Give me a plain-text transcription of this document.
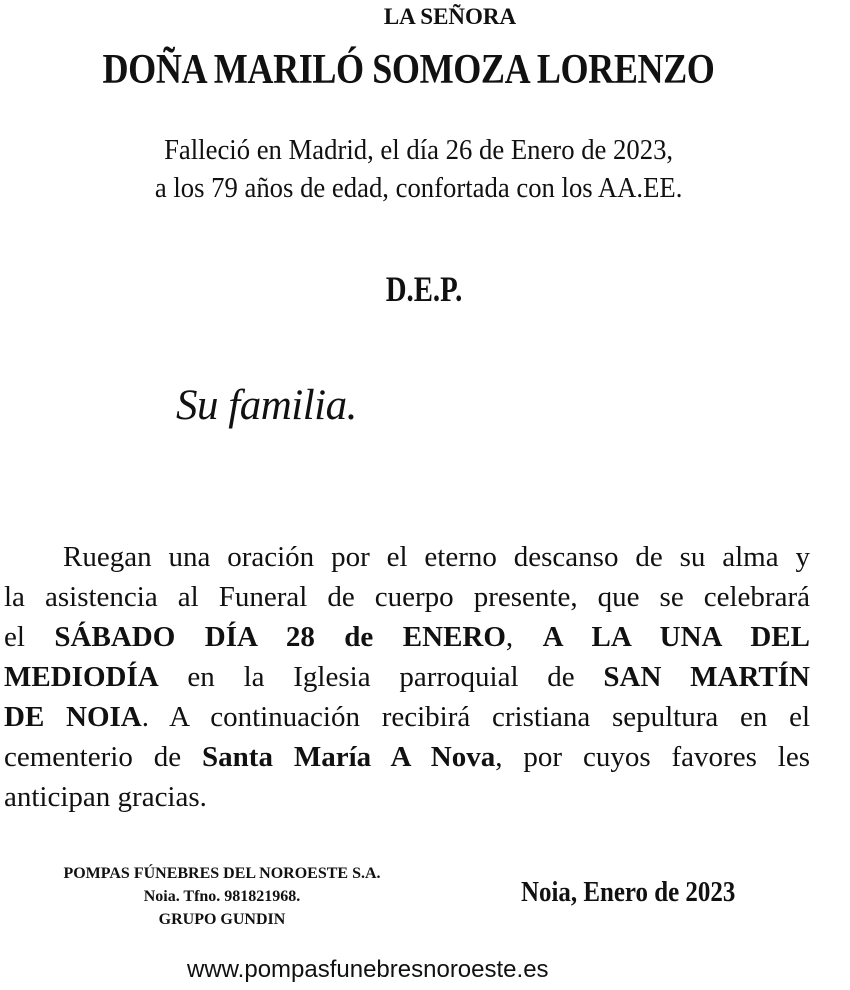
LA SEÑORA
DOÑA MARILÓ SOMOZA LORENZO
Falleció en Madrid, el día 26 de Enero de 2023,
a los 79 años de edad, confortada con los AA.EE.
D.E.P.
Su familia.
Ruegan una oración por el eterno descanso de su alma y
la asistencia al Funeral de cuerpo presente, que se celebrará
el SÁBADO DÍA 28 de ENERO, A LA UNA DEL
MEDIODÍA en la Iglesia parroquial de SAN MARTÍN
DE NOIA. A continuación recibirá cristiana sepultura en el
cementerio de Santa María A Nova, por cuyos favores les
anticipan gracias.
POMPAS FÚNEBRES DEL NOROESTE S.A.
Noia. Tfno. 981821968.
GRUPO GUNDIN
Noia, Enero de 2023
www.pompasfunebresnoroeste.es
